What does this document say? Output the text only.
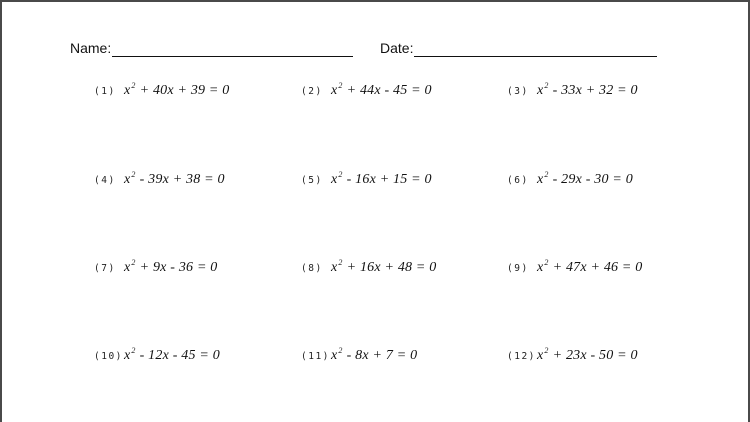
Name:	Date:
(1) x 2 + 40x + 39 = 0	(2) x 2 + 44x - 45 = 0	(3) x 2 - 33x + 32 = 0
(4) x 2 - 39x + 38 = 0	(5) x 2 - 16x + 15 = 0	(6) x 2 - 29x - 30 = 0
(7) x 2 + 9x - 36 = 0	(8) x 2 + 16x + 48 = 0	(9) x 2 + 47x + 46 = 0
(10) x 2 - 12x - 45 = 0	(11) x 2 - 8x + 7 = 0	(12) x 2 + 23x - 50 = 0
